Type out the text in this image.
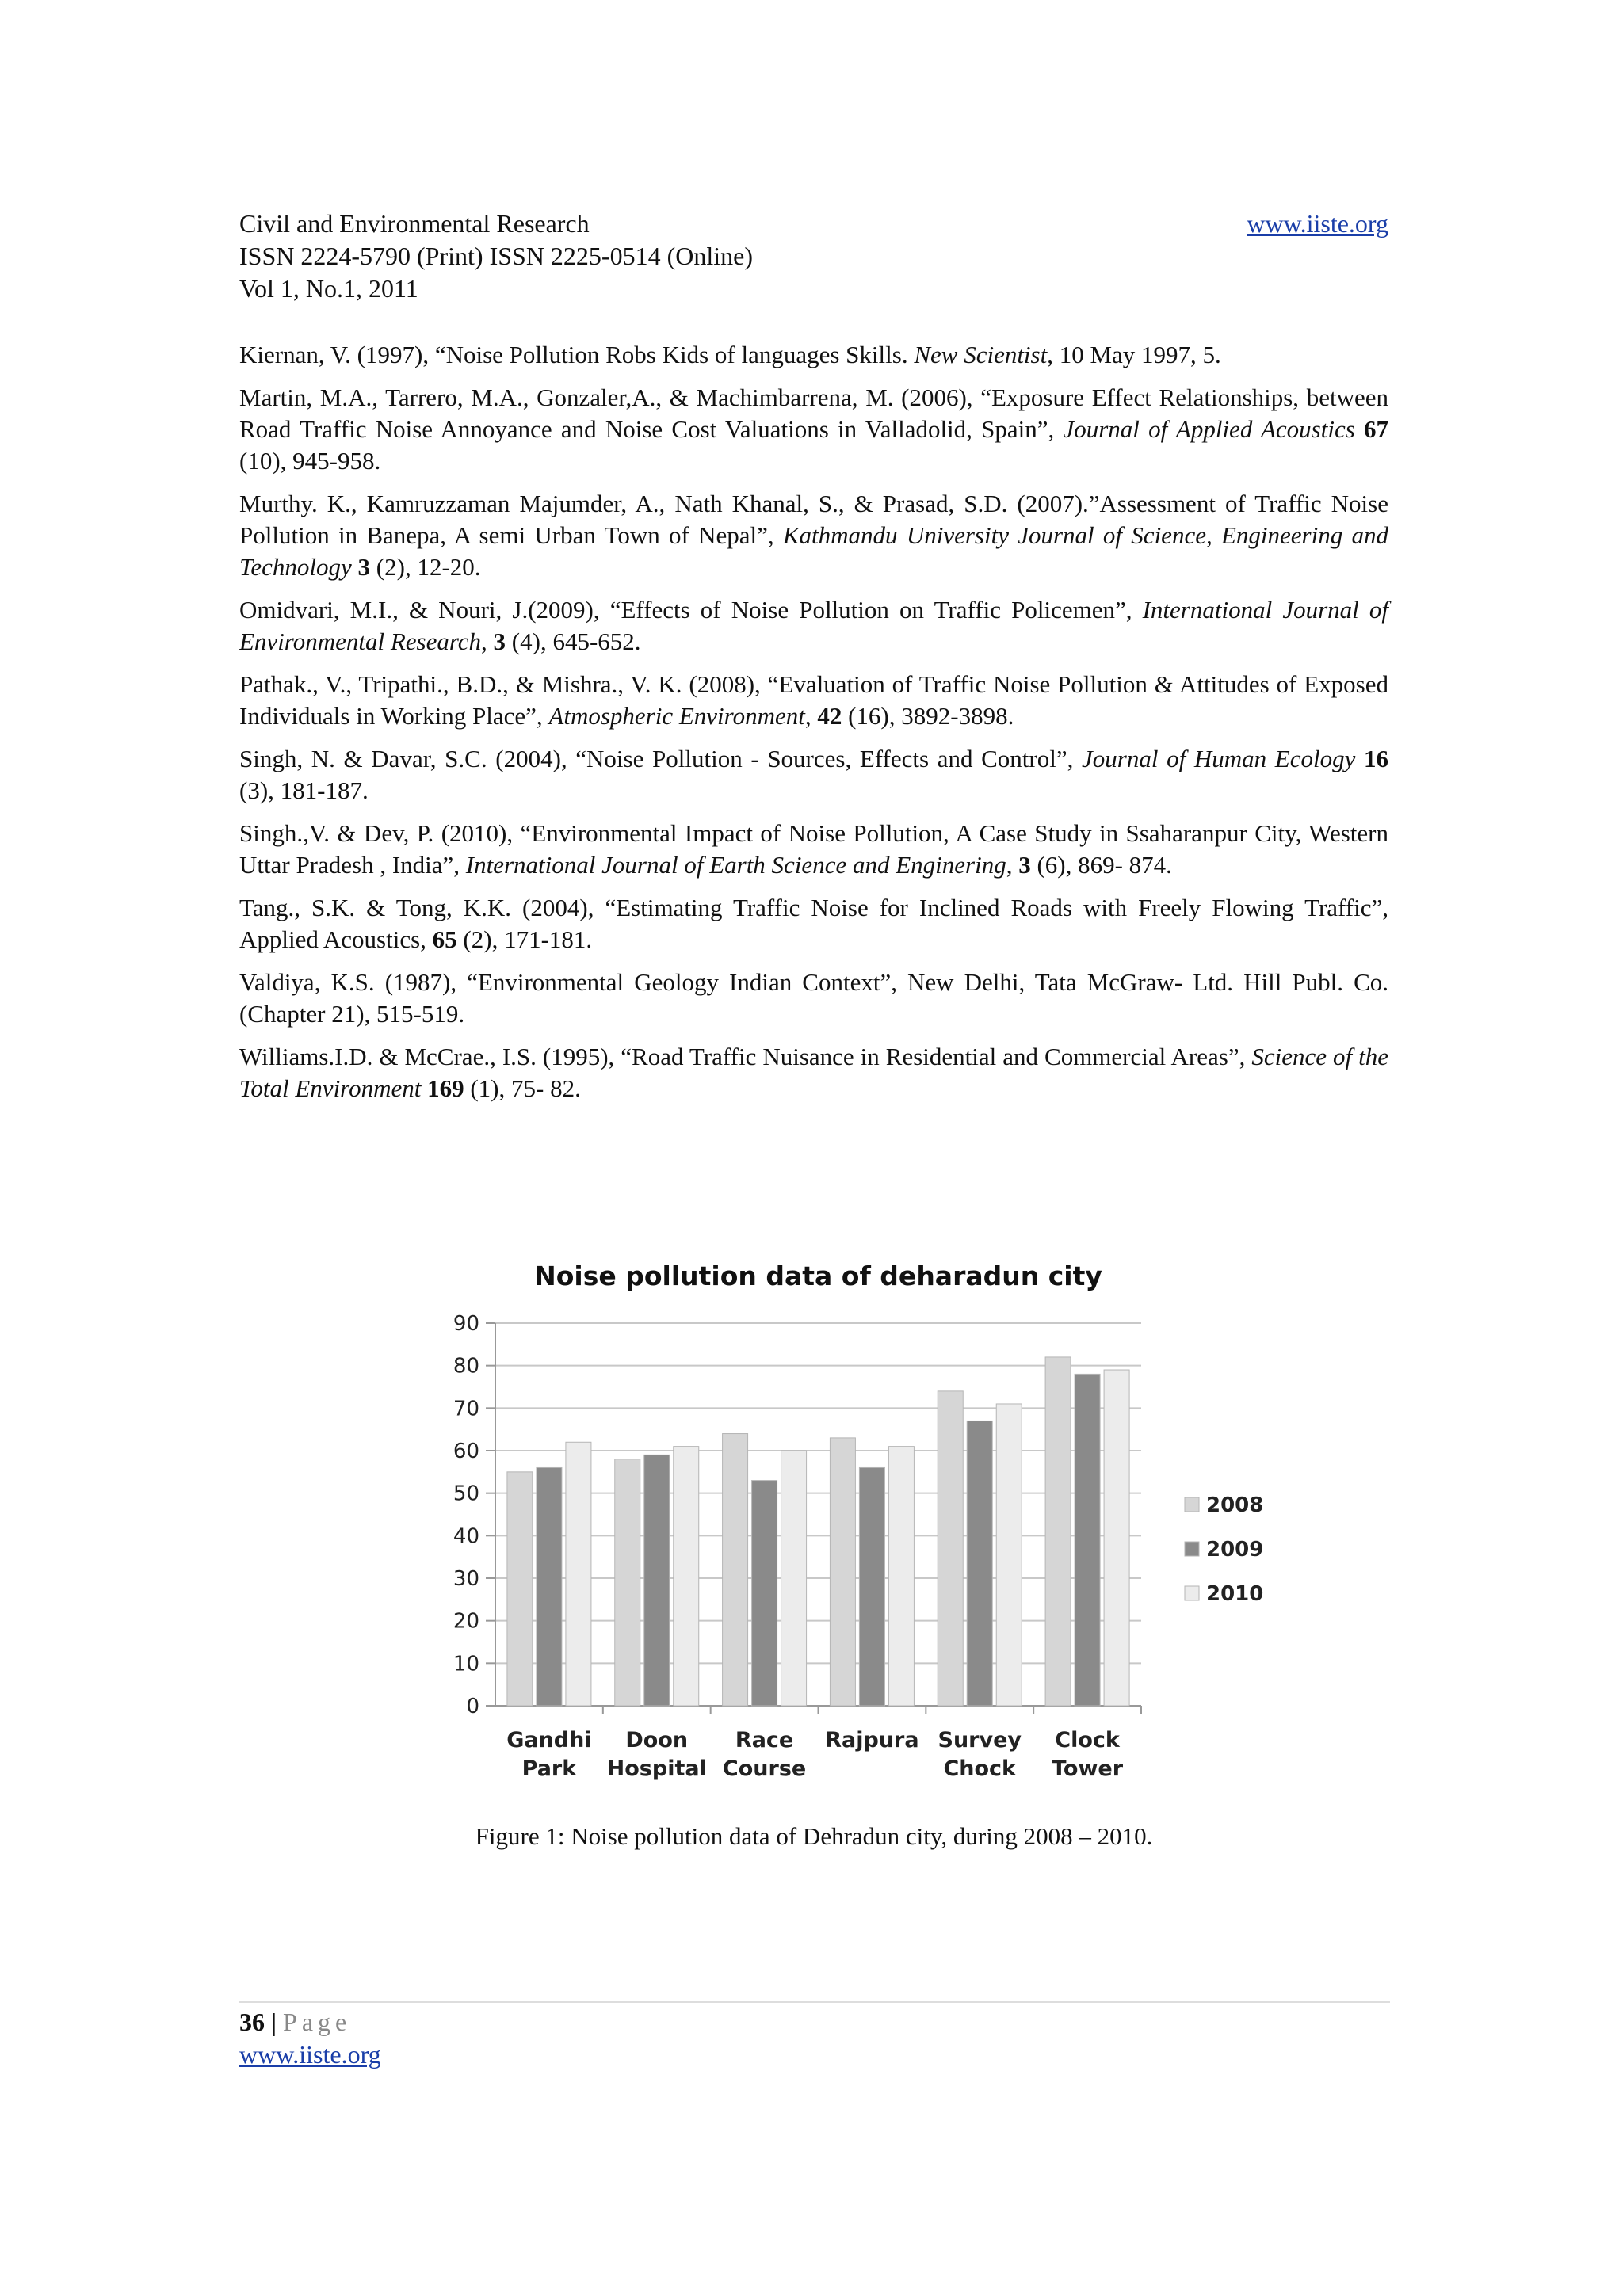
Civil and Environmental Research
ISSN 2224-5790 (Print) ISSN 2225-0514 (Online)
Vol 1, No.1, 2011
www.iiste.org

Kiernan, V. (1997), “Noise Pollution Robs Kids of languages Skills. New Scientist, 10 May 1997, 5.

Martin, M.A., Tarrero, M.A., Gonzaler,A., & Machimbarrena, M. (2006), “Exposure Effect Relationships, between Road Traffic Noise Annoyance and Noise Cost Valuations in Valladolid, Spain”, Journal of Applied Acoustics 67 (10), 945-958.

Murthy. K., Kamruzzaman Majumder, A., Nath Khanal, S., & Prasad, S.D. (2007).”Assessment of Traffic Noise Pollution in Banepa, A semi Urban Town of Nepal”, Kathmandu University Journal of Science, Engineering and Technology 3 (2), 12-20.

Omidvari, M.I., & Nouri, J.(2009), “Effects of Noise Pollution on Traffic Policemen”, International Journal of Environmental Research, 3 (4), 645-652.

Pathak., V., Tripathi., B.D., & Mishra., V. K. (2008), “Evaluation of Traffic Noise Pollution & Attitudes of Exposed Individuals in Working Place”, Atmospheric Environment, 42 (16), 3892-3898.

Singh, N. & Davar, S.C. (2004), “Noise Pollution - Sources, Effects and Control”, Journal of Human Ecology 16 (3), 181-187.

Singh.,V. & Dev, P. (2010), “Environmental Impact of Noise Pollution, A Case Study in Ssaharanpur City, Western Uttar Pradesh , India”, International Journal of Earth Science and Enginering, 3 (6), 869- 874.

Tang., S.K. & Tong, K.K. (2004), “Estimating Traffic Noise for Inclined Roads with Freely Flowing Traffic”, Applied Acoustics, 65 (2), 171-181.

Valdiya, K.S. (1987), “Environmental Geology Indian Context”, New Delhi, Tata McGraw- Ltd. Hill Publ. Co. (Chapter 21), 515-519.

Williams.I.D. & McCrae., I.S. (1995), “Road Traffic Nuisance in Residential and Commercial Areas”, Science of the Total Environment 169 (1), 75- 82.

Noise pollution data of deharadun city
0
10
20
30
40
50
60
70
80
90
Gandhi
Park
Doon
Hospital
Race
Course
Rajpura Survey
Chock
Clock
Tower
2008
2009
2010
Figure 1: Noise pollution data of Dehradun city, during 2008 – 2010.
36 | Page
www.iiste.org
